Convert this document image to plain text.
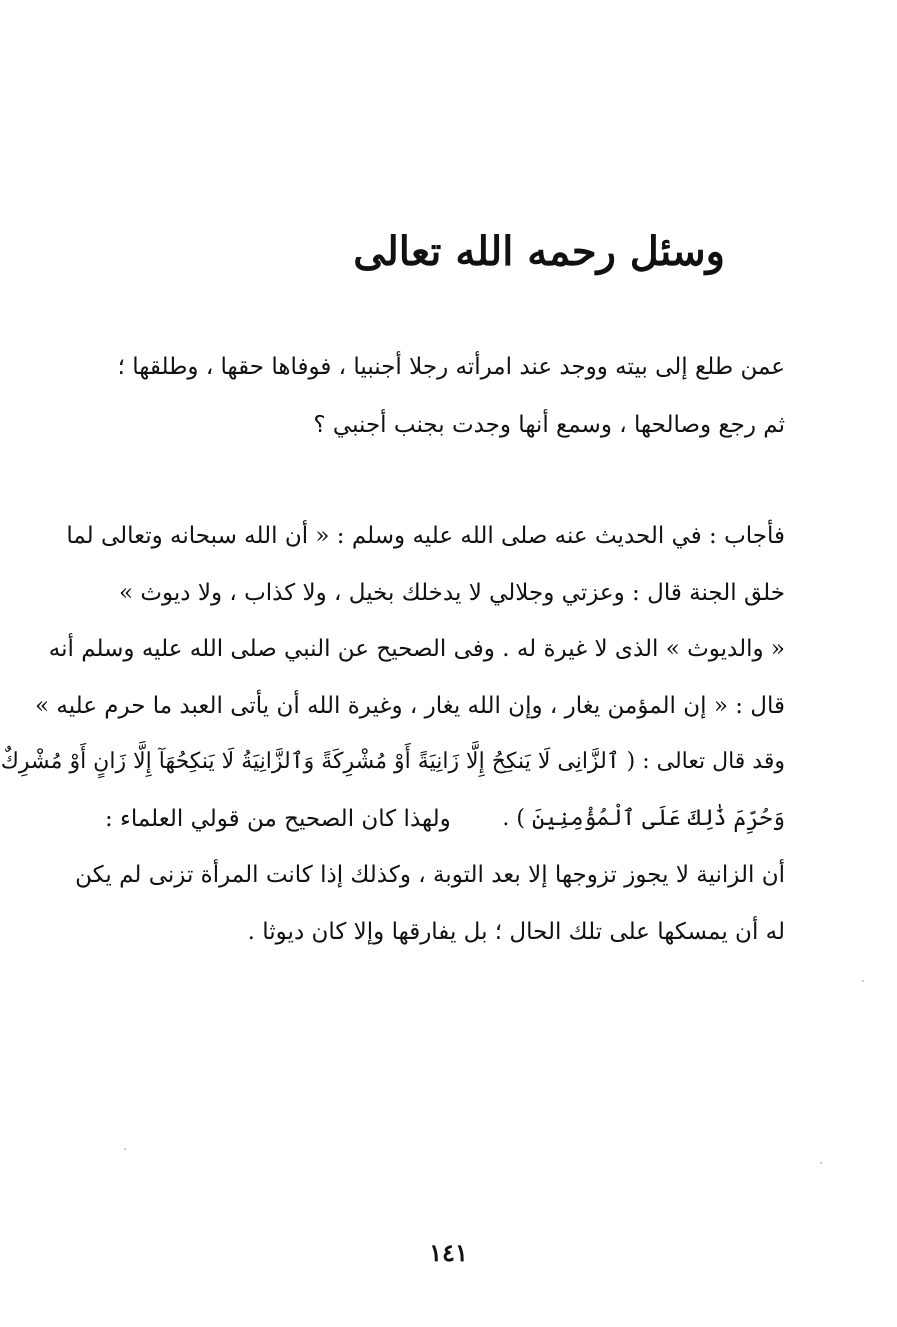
وسئل رحمه الله تعالى
عمن طلع إلى بيته ووجد عند امرأته رجلا أجنبيا ، فوفاها حقها ، وطلقها ؛
ثم رجع وصالحها ، وسمع أنها وجدت بجنب أجنبي ؟
فأجاب : في الحديث عنه صلى الله عليه وسلم : « أن الله سبحانه وتعالى لما
خلق الجنة قال : وعزتي وجلالي لا يدخلك بخيل ، ولا كذاب ، ولا ديوث »
« والديوث » الذى لا غيرة له . وفى الصحيح عن النبي صلى الله عليه وسلم أنه
قال : « إن المؤمن يغار ، وإن الله يغار ، وغيرة الله أن يأتى العبد ما حرم عليه »
وقد قال تعالى : ( ٱلزَّانِى لَا يَنكِحُ إِلَّا زَانِيَةً أَوْ مُشْرِكَةً وَٱلزَّانِيَةُ لَا يَنكِحُهَآ إِلَّا زَانٍ أَوْ مُشْرِكٌ
وَحُرِّمَ ذَٰلِكَ عَلَى ٱلْمُؤْمِنِينَ ) .
ولهذا كان الصحيح من قولي العلماء :
أن الزانية لا يجوز تزوجها إلا بعد التوبة ، وكذلك إذا كانت المرأة تزنى لم يكن
له أن يمسكها على تلك الحال ؛ بل يفارقها وإلا كان ديوثا .
١٤١
